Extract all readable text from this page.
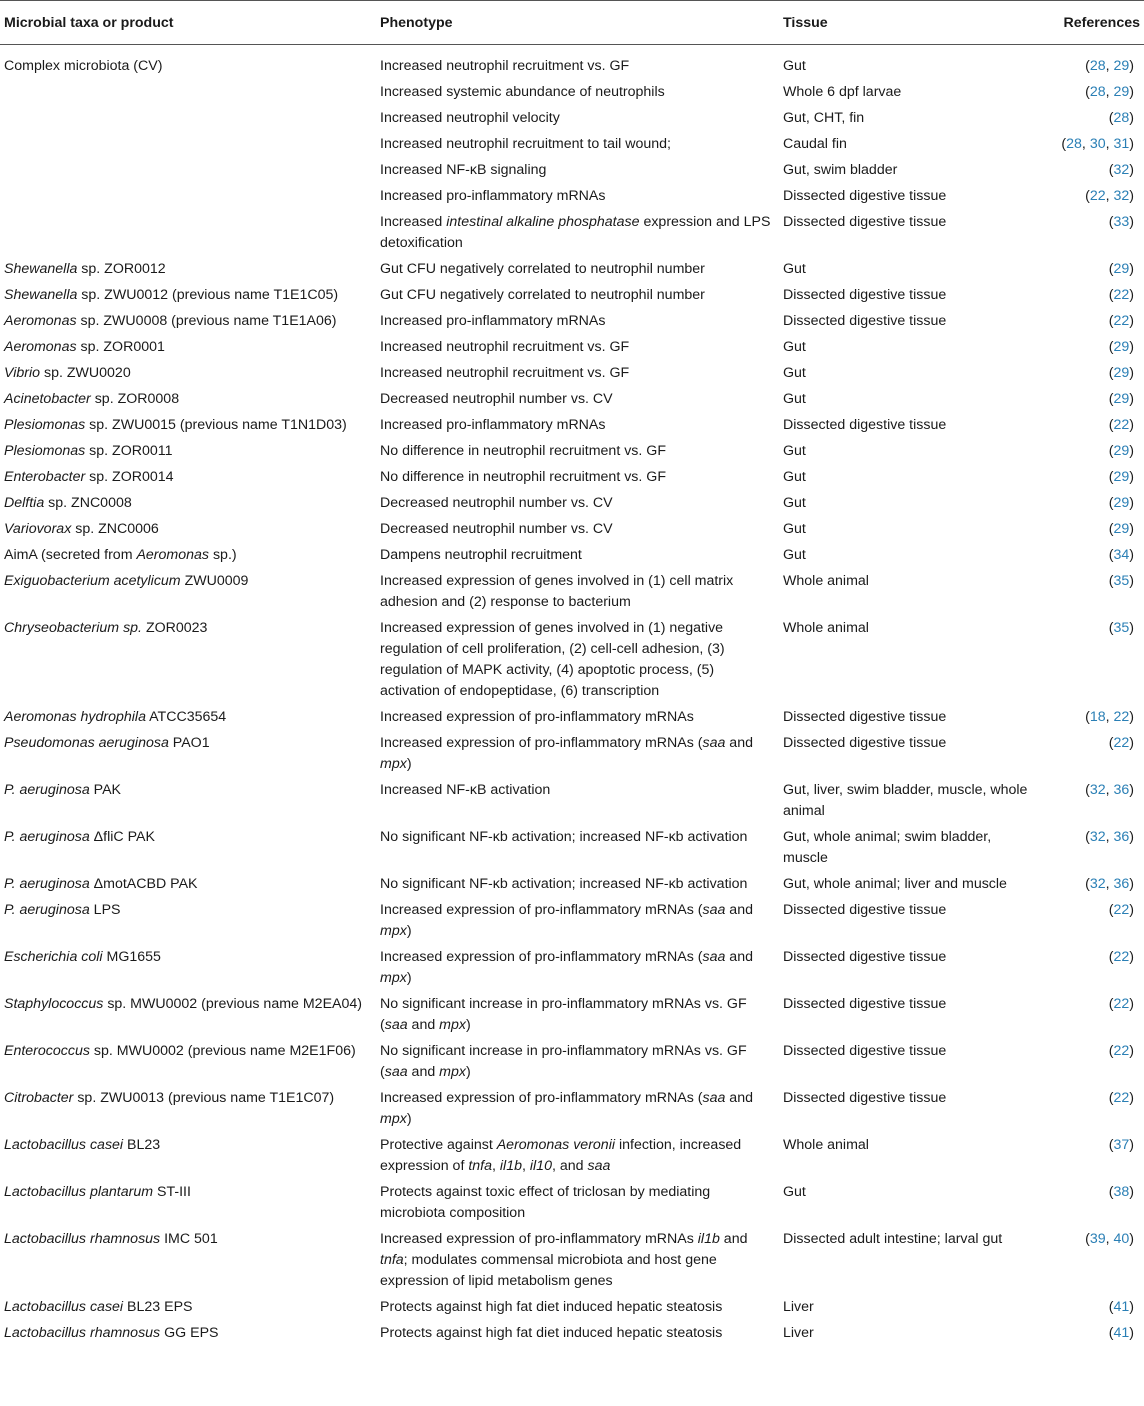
Microbial taxa or product	Phenotype	Tissue	References
Complex microbiota (CV)	Increased neutrophil recruitment vs. GF	Gut	(28, 29)
	Increased systemic abundance of neutrophils	Whole 6 dpf larvae	(28, 29)
	Increased neutrophil velocity	Gut, CHT, fin	(28)
	Increased neutrophil recruitment to tail wound;	Caudal fin	(28, 30, 31)
	Increased NF-κB signaling	Gut, swim bladder	(32)
	Increased pro-inflammatory mRNAs	Dissected digestive tissue	(22, 32)
	Increased intestinal alkaline phosphatase expression and LPS detoxification	Dissected digestive tissue	(33)
Shewanella sp. ZOR0012	Gut CFU negatively correlated to neutrophil number	Gut	(29)
Shewanella sp. ZWU0012 (previous name T1E1C05)	Gut CFU negatively correlated to neutrophil number	Dissected digestive tissue	(22)
Aeromonas sp. ZWU0008 (previous name T1E1A06)	Increased pro-inflammatory mRNAs	Dissected digestive tissue	(22)
Aeromonas sp. ZOR0001	Increased neutrophil recruitment vs. GF	Gut	(29)
Vibrio sp. ZWU0020	Increased neutrophil recruitment vs. GF	Gut	(29)
Acinetobacter sp. ZOR0008	Decreased neutrophil number vs. CV	Gut	(29)
Plesiomonas sp. ZWU0015 (previous name T1N1D03)	Increased pro-inflammatory mRNAs	Dissected digestive tissue	(22)
Plesiomonas sp. ZOR0011	No difference in neutrophil recruitment vs. GF	Gut	(29)
Enterobacter sp. ZOR0014	No difference in neutrophil recruitment vs. GF	Gut	(29)
Delftia sp. ZNC0008	Decreased neutrophil number vs. CV	Gut	(29)
Variovorax sp. ZNC0006	Decreased neutrophil number vs. CV	Gut	(29)
AimA (secreted from Aeromonas sp.)	Dampens neutrophil recruitment	Gut	(34)
Exiguobacterium acetylicum ZWU0009	Increased expression of genes involved in (1) cell matrix adhesion and (2) response to bacterium	Whole animal	(35)
Chryseobacterium sp. ZOR0023	Increased expression of genes involved in (1) negative regulation of cell proliferation, (2) cell-cell adhesion, (3) regulation of MAPK activity, (4) apoptotic process, (5) activation of endopeptidase, (6) transcription	Whole animal	(35)
Aeromonas hydrophila ATCC35654	Increased expression of pro-inflammatory mRNAs	Dissected digestive tissue	(18, 22)
Pseudomonas aeruginosa PAO1	Increased expression of pro-inflammatory mRNAs (saa and mpx)	Dissected digestive tissue	(22)
P. aeruginosa PAK	Increased NF-κB activation	Gut, liver, swim bladder, muscle, whole animal	(32, 36)
P. aeruginosa ΔfliC PAK	No significant NF-κb activation; increased NF-κb activation	Gut, whole animal; swim bladder, muscle	(32, 36)
P. aeruginosa ΔmotACBD PAK	No significant NF-κb activation; increased NF-κb activation	Gut, whole animal; liver and muscle	(32, 36)
P. aeruginosa LPS	Increased expression of pro-inflammatory mRNAs (saa and mpx)	Dissected digestive tissue	(22)
Escherichia coli MG1655	Increased expression of pro-inflammatory mRNAs (saa and mpx)	Dissected digestive tissue	(22)
Staphylococcus sp. MWU0002 (previous name M2EA04)	No significant increase in pro-inflammatory mRNAs vs. GF (saa and mpx)	Dissected digestive tissue	(22)
Enterococcus sp. MWU0002 (previous name M2E1F06)	No significant increase in pro-inflammatory mRNAs vs. GF (saa and mpx)	Dissected digestive tissue	(22)
Citrobacter sp. ZWU0013 (previous name T1E1C07)	Increased expression of pro-inflammatory mRNAs (saa and mpx)	Dissected digestive tissue	(22)
Lactobacillus casei BL23	Protective against Aeromonas veronii infection, increased expression of tnfa, il1b, il10, and saa	Whole animal	(37)
Lactobacillus plantarum ST-III	Protects against toxic effect of triclosan by mediating microbiota composition	Gut	(38)
Lactobacillus rhamnosus IMC 501	Increased expression of pro-inflammatory mRNAs il1b and tnfa; modulates commensal microbiota and host gene expression of lipid metabolism genes	Dissected adult intestine; larval gut	(39, 40)
Lactobacillus casei BL23 EPS	Protects against high fat diet induced hepatic steatosis	Liver	(41)
Lactobacillus rhamnosus GG EPS	Protects against high fat diet induced hepatic steatosis	Liver	(41)
